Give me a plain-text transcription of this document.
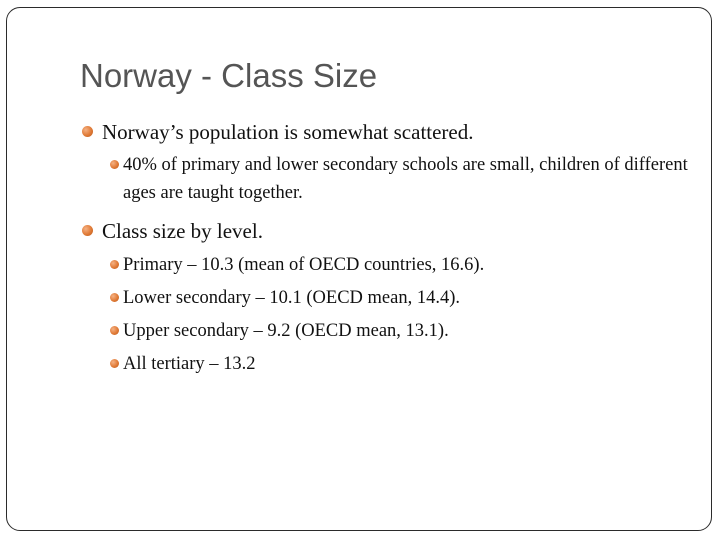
Norway - Class Size
Norway’s population is somewhat scattered.
40% of primary and lower secondary schools are small, children of different ages are taught together.
Class size by level.
Primary – 10.3 (mean of OECD countries, 16.6).
Lower secondary – 10.1 (OECD mean, 14.4).
Upper secondary – 9.2 (OECD mean, 13.1).
All tertiary – 13.2
